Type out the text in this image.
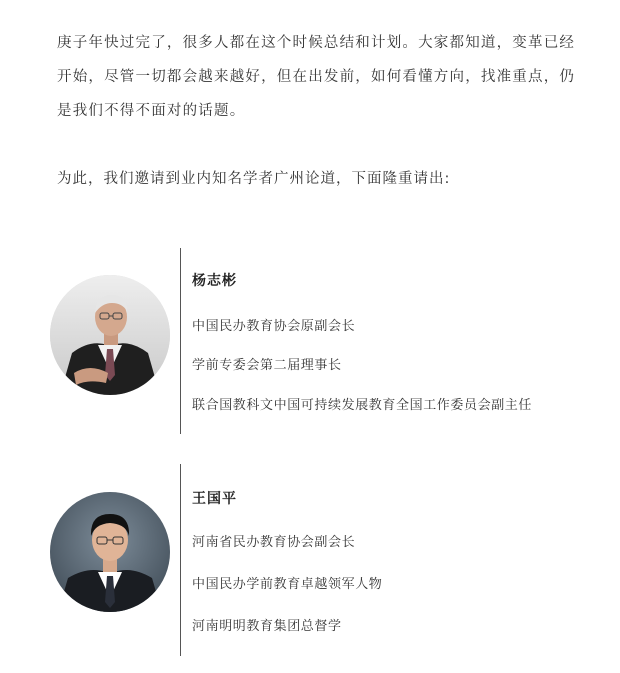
庚子年快过完了，很多人都在这个时候总结和计划。大家都知道，变革已经开始，尽管一切都会越来越好，但在出发前，如何看懂方向，找准重点，仍是我们不得不面对的话题。

为此，我们邀请到业内知名学者广州论道，下面隆重请出:

杨志彬
中国民办教育协会原副会长
学前专委会第二届理事长
联合国教科文中国可持续发展教育全国工作委员会副主任
王国平
河南省民办教育协会副会长
中国民办学前教育卓越领军人物
河南明明教育集团总督学
